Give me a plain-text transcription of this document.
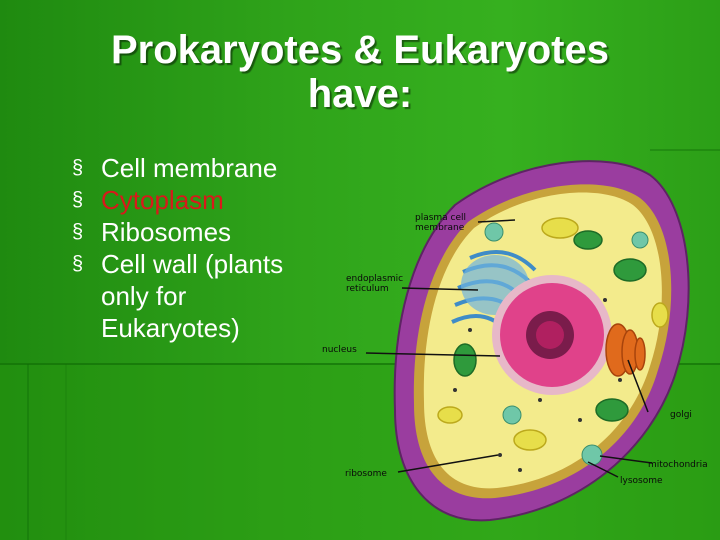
Prokaryotes & Eukaryotes
have:
§ Cell membrane
§ Cytoplasm
§ Ribosomes
§ Cell wall (plants
only for
Eukaryotes)
plasma cell
membrane
endoplasmic
reticulum
nucleus
golgi
mitochondria
lysosome
ribosome
